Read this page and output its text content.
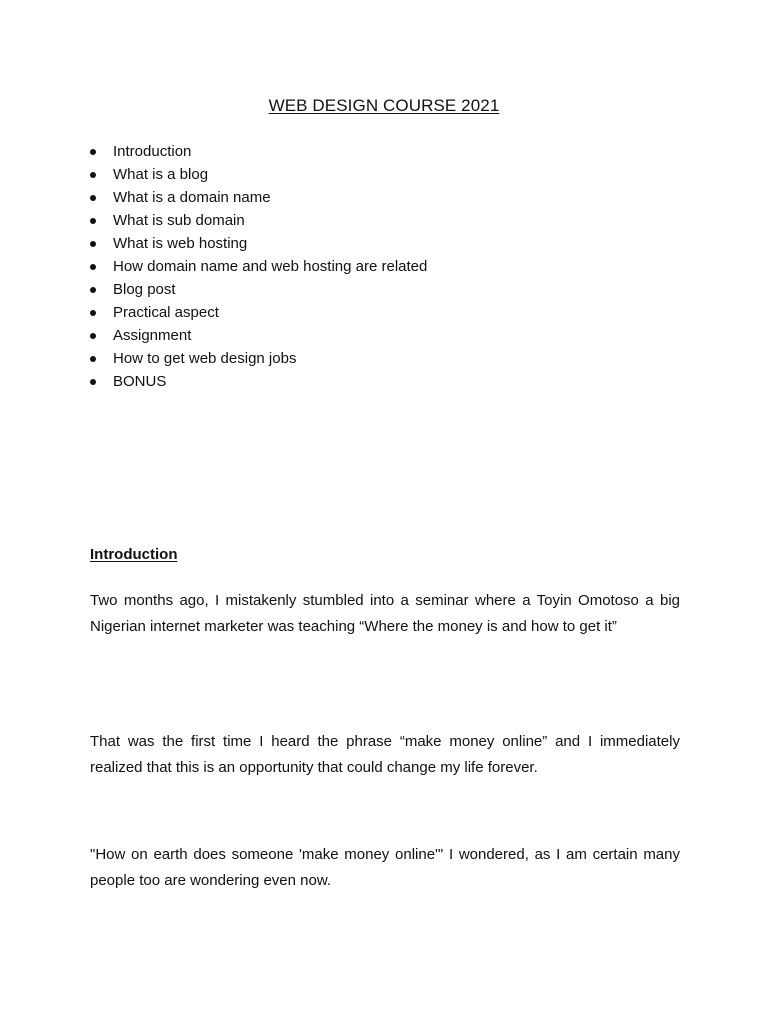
WEB DESIGN COURSE 2021
Introduction
What is a blog
What is a domain name
What is sub domain
What is web hosting
How domain name and web hosting are related
Blog post
Practical aspect
Assignment
How to get web design jobs
BONUS
Introduction

Two months ago, I mistakenly stumbled into a seminar where a Toyin Omotoso a big Nigerian internet marketer was teaching “Where the money is and how to get it”

That was the first time I heard the phrase “make money online” and I immediately realized that this is an opportunity that could change my life forever.

"How on earth does someone 'make money online'" I wondered, as I am certain many people too are wondering even now.
